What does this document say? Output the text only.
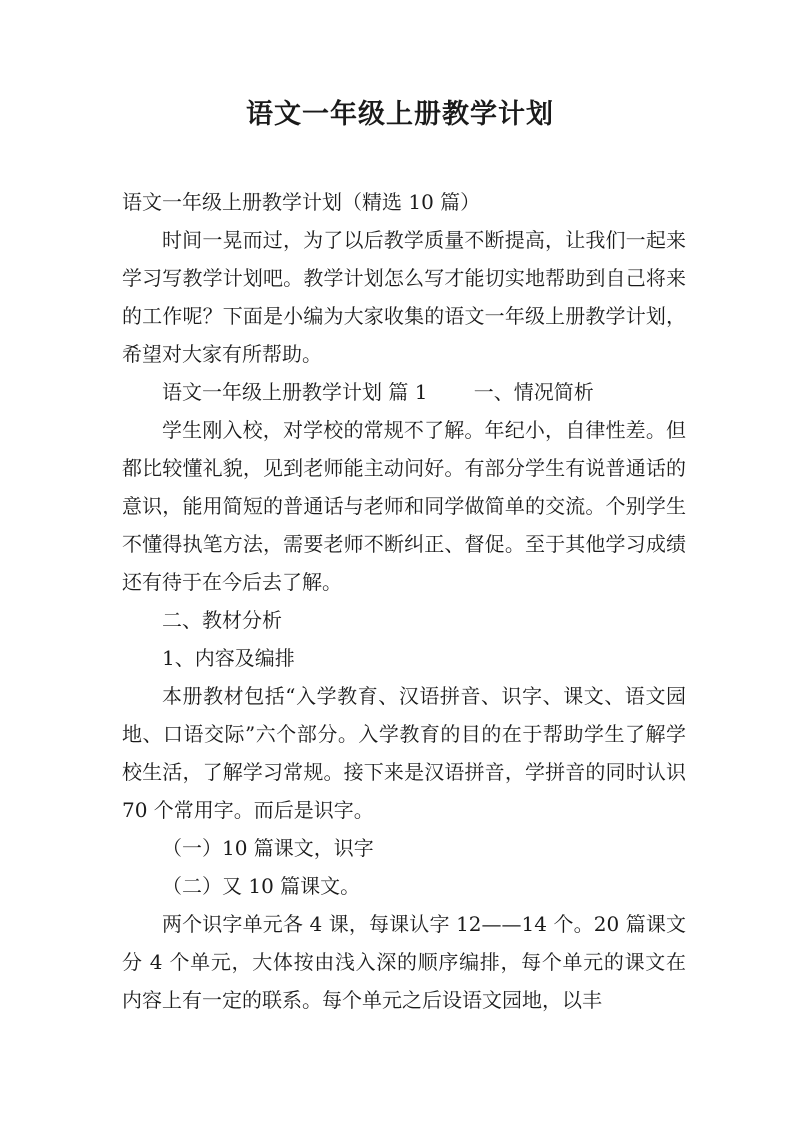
语文一年级上册教学计划

语文一年级上册教学计划（精选 10 篇）

时间一晃而过，为了以后教学质量不断提高，让我们一起来学习写教学计划吧。教学计划怎么写才能切实地帮助到自己将来的工作呢？下面是小编为大家收集的语文一年级上册教学计划，希望对大家有所帮助。

语文一年级上册教学计划 篇 1　　 一、情况简析

学生刚入校，对学校的常规不了解。年纪小，自律性差。但都比较懂礼貌，见到老师能主动问好。有部分学生有说普通话的意识，能用简短的普通话与老师和同学做简单的交流。个别学生不懂得执笔方法，需要老师不断纠正、督促。至于其他学习成绩还有待于在今后去了解。

二、教材分析

1、内容及编排

本册教材包括“入学教育、汉语拼音、识字、课文、语文园地、口语交际”六个部分。入学教育的目的在于帮助学生了解学校生活，了解学习常规。接下来是汉语拼音，学拼音的同时认识 70 个常用字。而后是识字。

（一）10 篇课文，识字

（二）又 10 篇课文。

两个识字单元各 4 课，每课认字 12——14 个。20 篇课文分 4 个单元，大体按由浅入深的顺序编排，每个单元的课文在内容上有一定的联系。每个单元之后设语文园地，以丰
